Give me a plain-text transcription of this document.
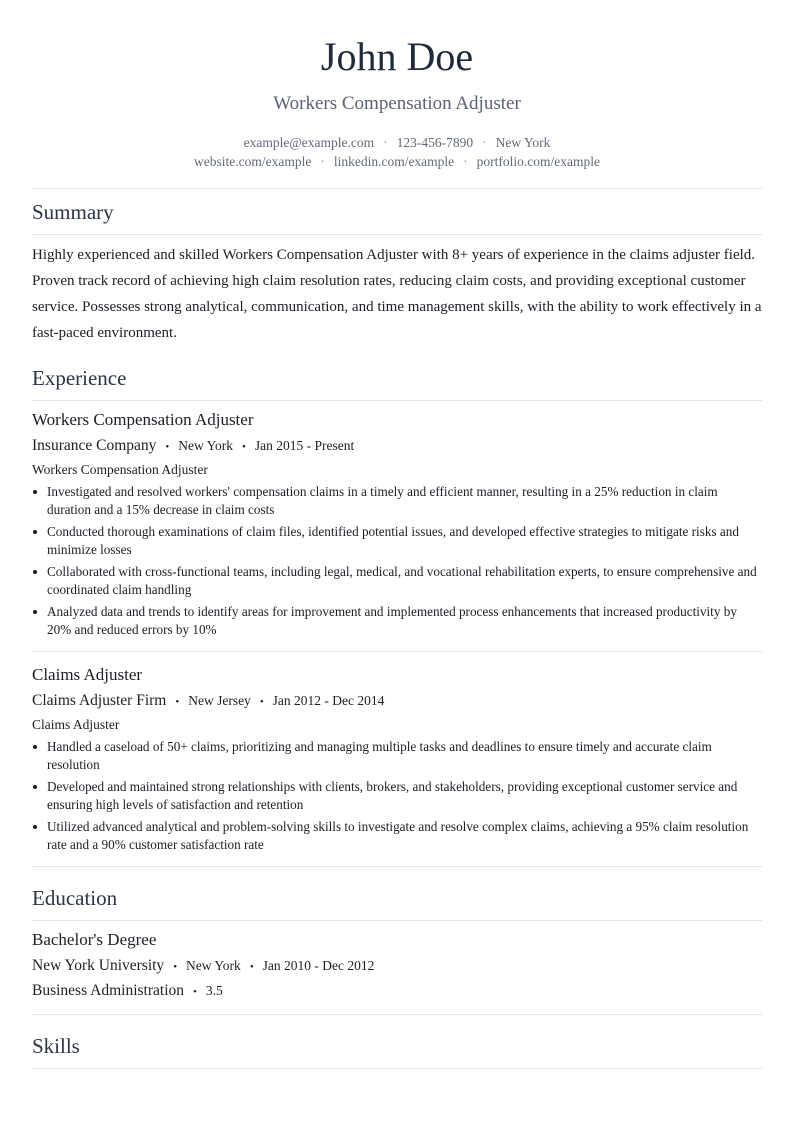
John Doe
Workers Compensation Adjuster
example@example.com · 123-456-7890 · New York
website.com/example · linkedin.com/example · portfolio.com/example
Summary
Highly experienced and skilled Workers Compensation Adjuster with 8+ years of experience in the claims adjuster field. Proven track record of achieving high claim resolution rates, reducing claim costs, and providing exceptional customer service. Possesses strong analytical, communication, and time management skills, with the ability to work effectively in a fast-paced environment.
Experience
Workers Compensation Adjuster
Insurance Company • New York • Jan 2015 - Present
Workers Compensation Adjuster
Investigated and resolved workers' compensation claims in a timely and efficient manner, resulting in a 25% reduction in claim duration and a 15% decrease in claim costs
Conducted thorough examinations of claim files, identified potential issues, and developed effective strategies to mitigate risks and minimize losses
Collaborated with cross-functional teams, including legal, medical, and vocational rehabilitation experts, to ensure comprehensive and coordinated claim handling
Analyzed data and trends to identify areas for improvement and implemented process enhancements that increased productivity by 20% and reduced errors by 10%
Claims Adjuster
Claims Adjuster Firm • New Jersey • Jan 2012 - Dec 2014
Claims Adjuster
Handled a caseload of 50+ claims, prioritizing and managing multiple tasks and deadlines to ensure timely and accurate claim resolution
Developed and maintained strong relationships with clients, brokers, and stakeholders, providing exceptional customer service and ensuring high levels of satisfaction and retention
Utilized advanced analytical and problem-solving skills to investigate and resolve complex claims, achieving a 95% claim resolution rate and a 90% customer satisfaction rate
Education
Bachelor's Degree
New York University • New York • Jan 2010 - Dec 2012
Business Administration • 3.5
Skills
